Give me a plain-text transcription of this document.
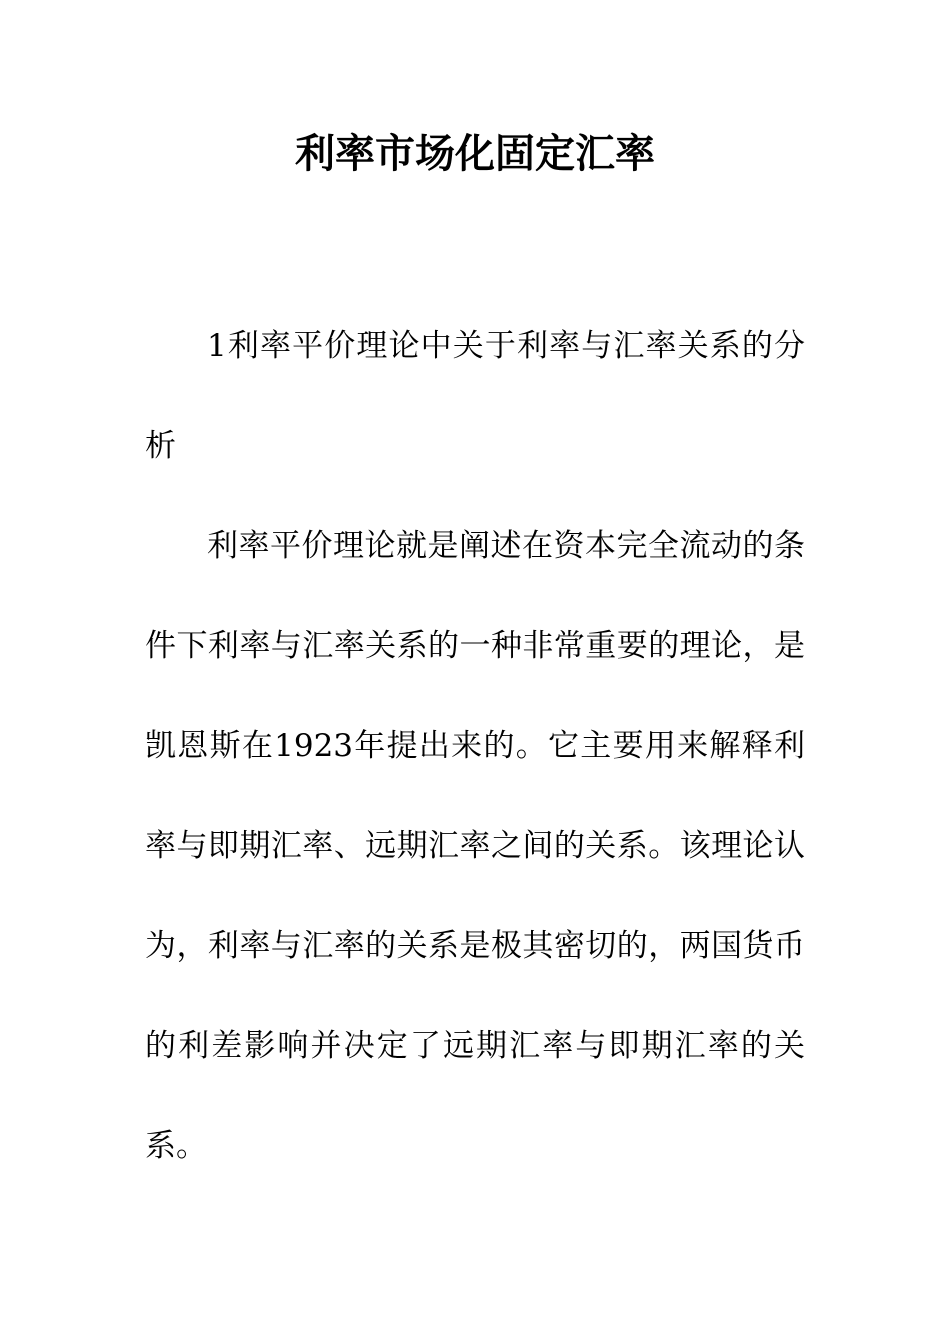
利率市场化固定汇率

1利率平价理论中关于利率与汇率关系的分析

利率平价理论就是阐述在资本完全流动的条件下利率与汇率关系的一种非常重要的理论，是凯恩斯在1923年提出来的。它主要用来解释利率与即期汇率、远期汇率之间的关系。该理论认为，利率与汇率的关系是极其密切的，两国货币的利差影响并决定了远期汇率与即期汇率的关系。
